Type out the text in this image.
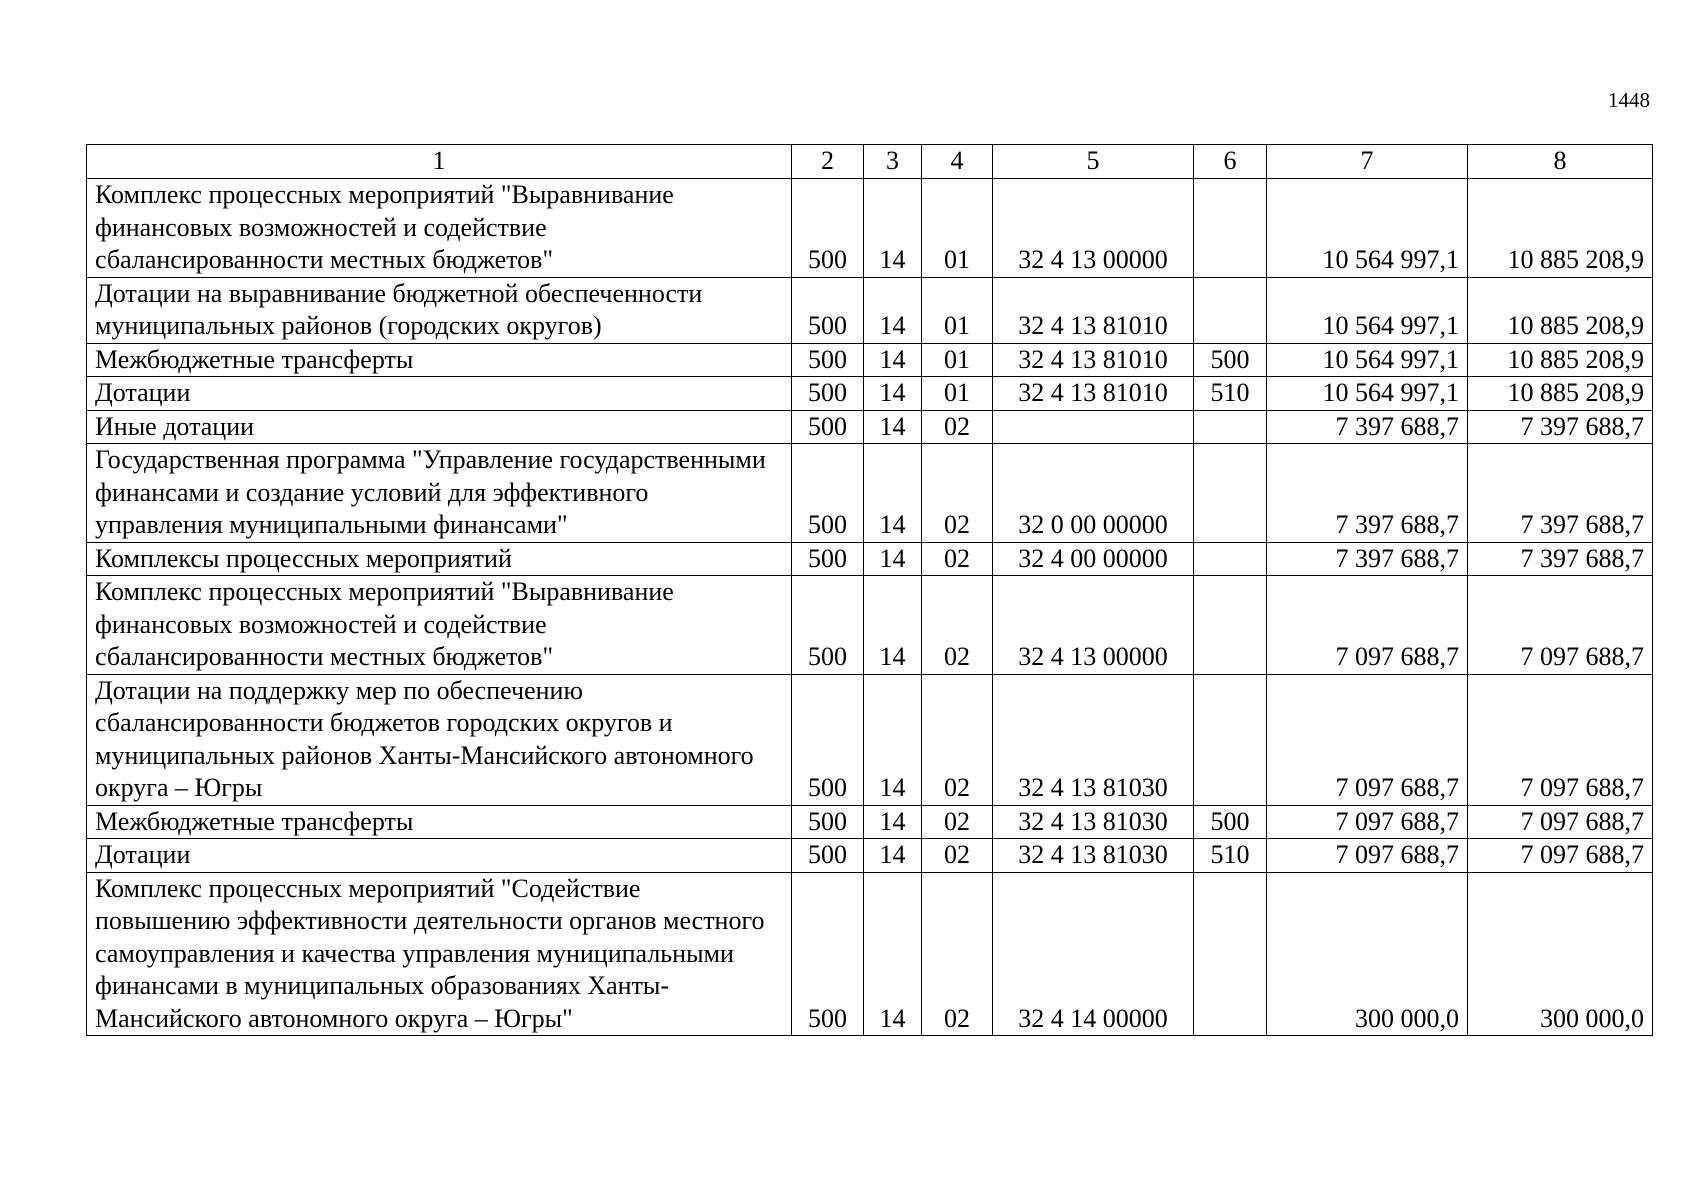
1448
1	2	3	4	5	6	7	8
Комплекс процессных мероприятий "Выравнивание финансовых возможностей и содействие сбалансированности местных бюджетов"	500	14	01	32 4 13 00000		10 564 997,1	10 885 208,9
Дотации на выравнивание бюджетной обеспеченности муниципальных районов (городских округов)	500	14	01	32 4 13 81010		10 564 997,1	10 885 208,9
Межбюджетные трансферты	500	14	01	32 4 13 81010	500	10 564 997,1	10 885 208,9
Дотации	500	14	01	32 4 13 81010	510	10 564 997,1	10 885 208,9
Иные дотации	500	14	02			7 397 688,7	7 397 688,7
Государственная программа "Управление государственными финансами и создание условий для эффективного управления муниципальными финансами"	500	14	02	32 0 00 00000		7 397 688,7	7 397 688,7
Комплексы процессных мероприятий	500	14	02	32 4 00 00000		7 397 688,7	7 397 688,7
Комплекс процессных мероприятий "Выравнивание финансовых возможностей и содействие сбалансированности местных бюджетов"	500	14	02	32 4 13 00000		7 097 688,7	7 097 688,7
Дотации на поддержку мер по обеспечению сбалансированности бюджетов городских округов и муниципальных районов Ханты-Мансийского автономного округа – Югры	500	14	02	32 4 13 81030		7 097 688,7	7 097 688,7
Межбюджетные трансферты	500	14	02	32 4 13 81030	500	7 097 688,7	7 097 688,7
Дотации	500	14	02	32 4 13 81030	510	7 097 688,7	7 097 688,7
Комплекс процессных мероприятий "Содействие повышению эффективности деятельности органов местного самоуправления и качества управления муниципальными финансами в муниципальных образованиях Ханты-Мансийского автономного округа – Югры"	500	14	02	32 4 14 00000		300 000,0	300 000,0
